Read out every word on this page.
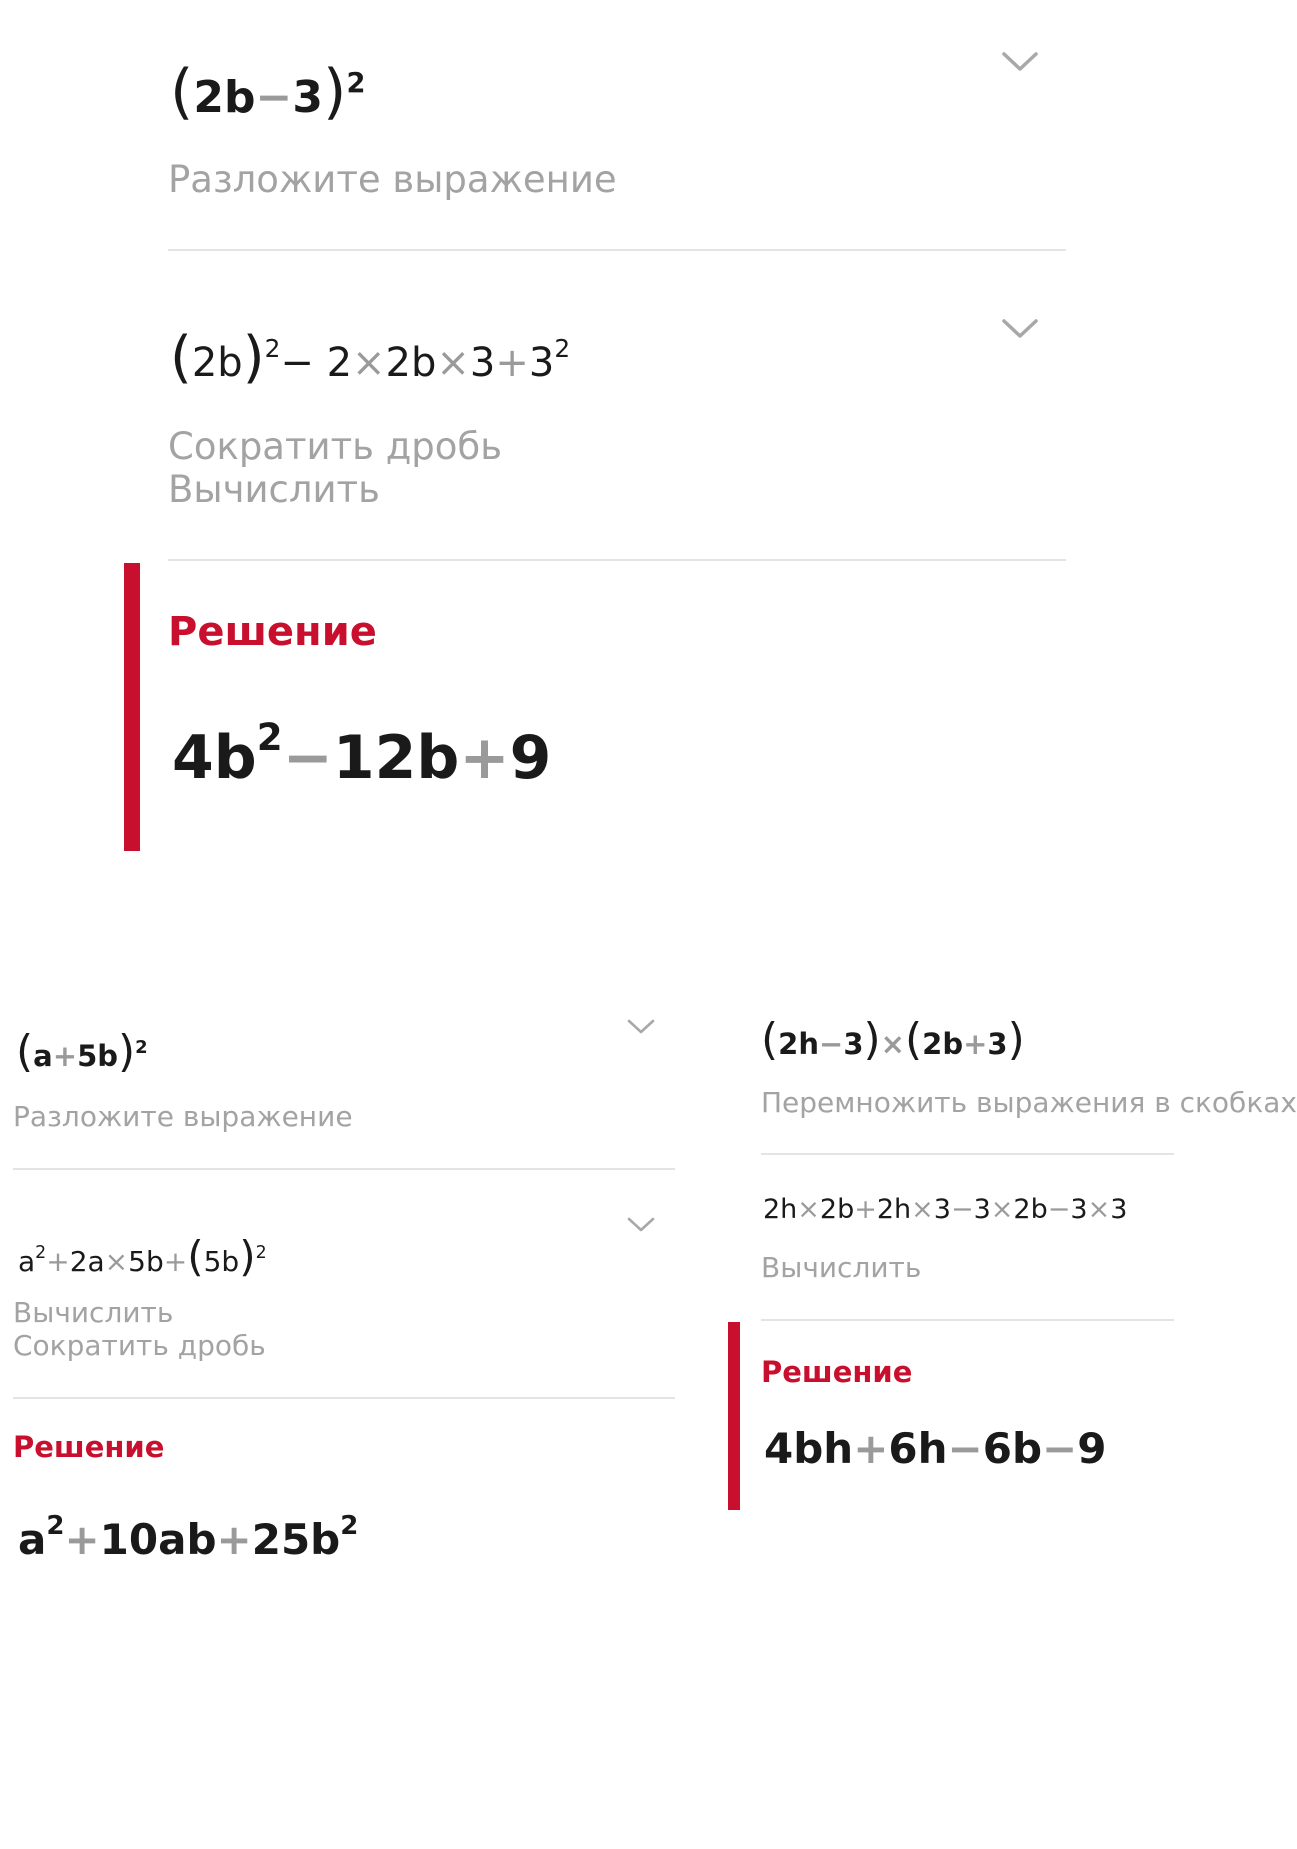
(2b−3)2
Разложите выражение
(2b)2− 2×2b×3+32
Сократить дробь
Вычислить
Решение
4b2−12b+9
(a+5b)2
Разложите выражение
a2+2a×5b+(5b)2
Вычислить
Сократить дробь
Решение
a2+10ab+25b2
(2h−3)×(2b+3)
Перемножить выражения в скобках
2h×2b+2h×3−3×2b−3×3
Вычислить
Решение
4bh+6h−6b−9
